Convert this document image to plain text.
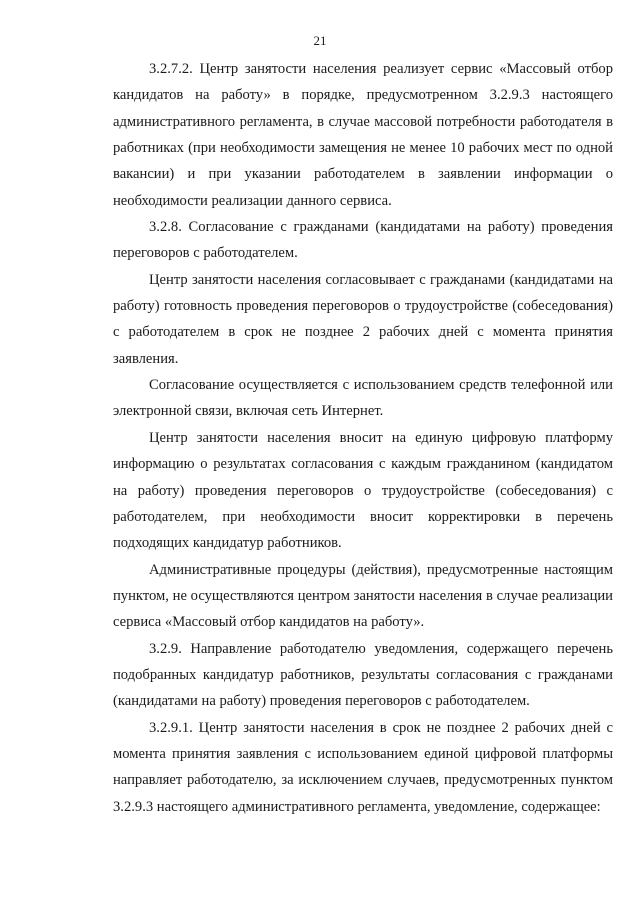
21

3.2.7.2. Центр занятости населения реализует сервис «Массовый отбор кандидатов на работу» в порядке, предусмотренном 3.2.9.3 настоящего административного регламента, в случае массовой потребности работодателя в работниках (при необходимости замещения не менее 10 рабочих мест по одной вакансии) и при указании работодателем в заявлении информации о необходимости реализации данного сервиса.

3.2.8. Согласование с гражданами (кандидатами на работу) проведения переговоров с работодателем.

Центр занятости населения согласовывает с гражданами (кандидатами на работу) готовность проведения переговоров о трудоустройстве (собеседования) с работодателем в срок не позднее 2 рабочих дней с момента принятия заявления.

Согласование осуществляется с использованием средств телефонной или электронной связи, включая сеть Интернет.

Центр занятости населения вносит на единую цифровую платформу информацию о результатах согласования с каждым гражданином (кандидатом на работу) проведения переговоров о трудоустройстве (собеседования) с работодателем, при необходимости вносит корректировки в перечень подходящих кандидатур работников.

Административные процедуры (действия), предусмотренные настоящим пунктом, не осуществляются центром занятости населения в случае реализации сервиса «Массовый отбор кандидатов на работу».

3.2.9. Направление работодателю уведомления, содержащего перечень подобранных кандидатур работников, результаты согласования с гражданами (кандидатами на работу) проведения переговоров с работодателем.

3.2.9.1. Центр занятости населения в срок не позднее 2 рабочих дней с момента принятия заявления с использованием единой цифровой платформы направляет работодателю, за исключением случаев, предусмотренных пунктом 3.2.9.3 настоящего административного регламента, уведомление, содержащее:
